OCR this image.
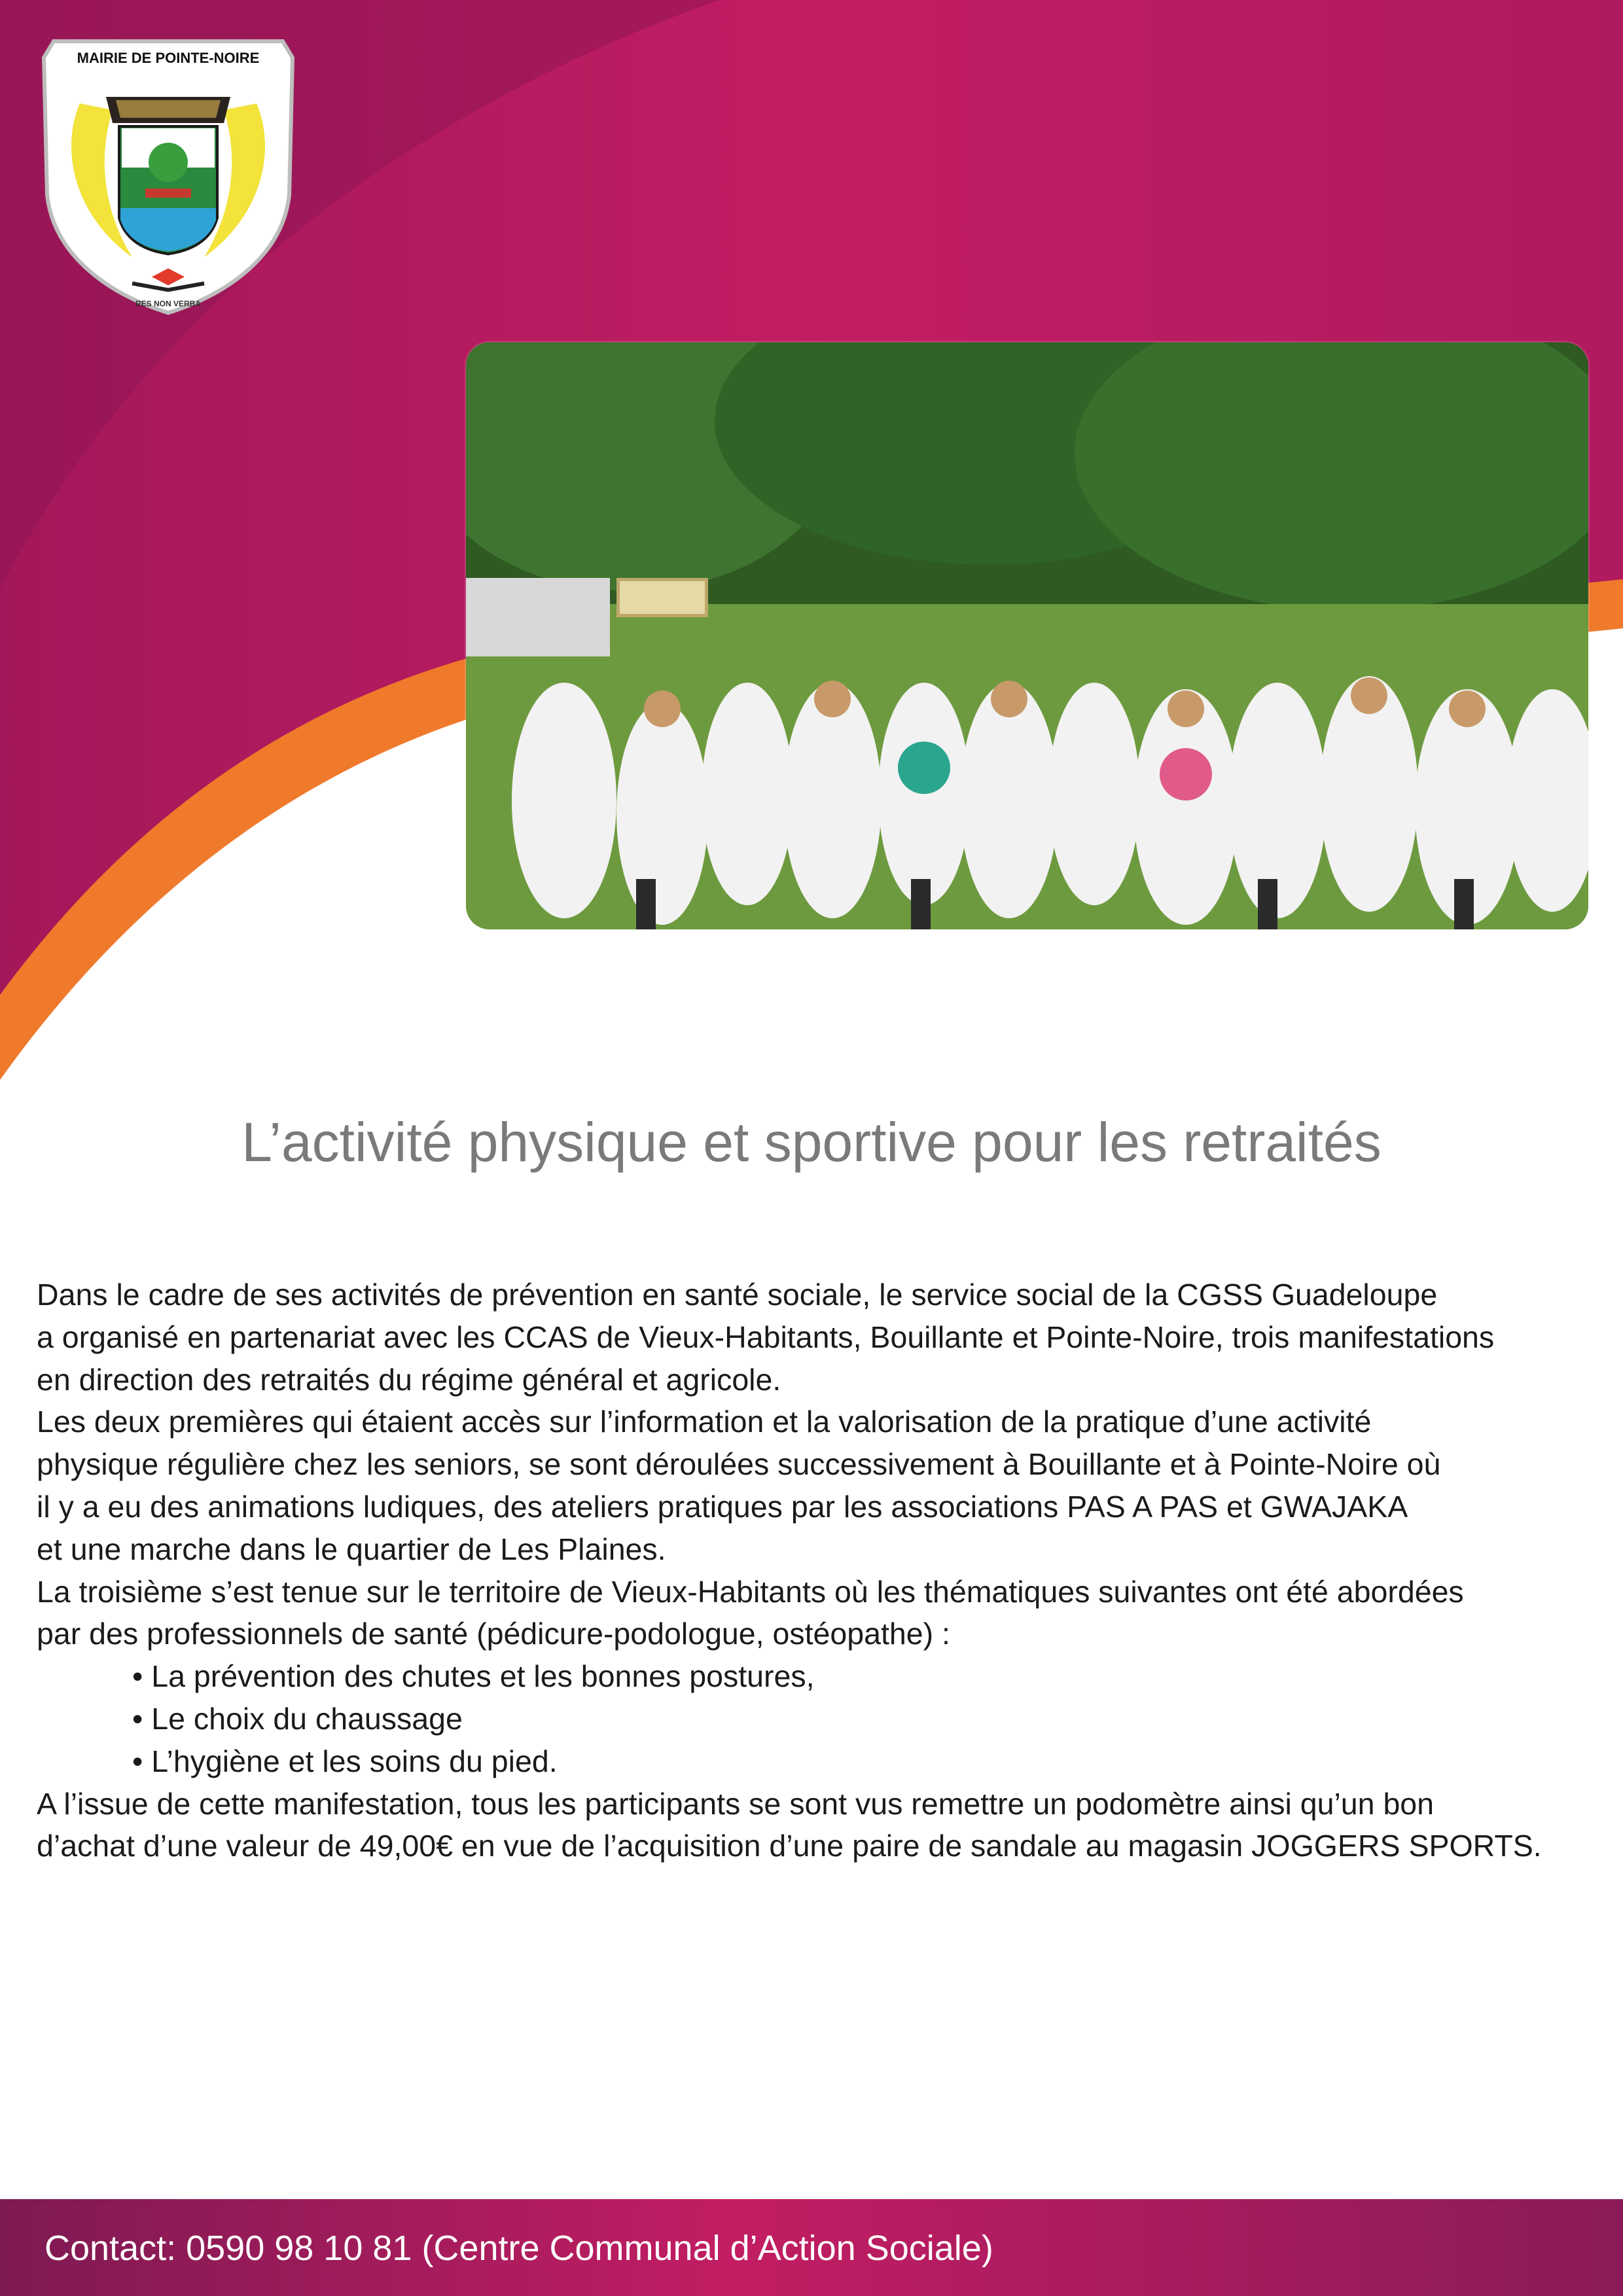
MAIRIE DE POINTE-NOIRE
RES NON VERBA
L’activité physique et sportive pour les retraités

Dans le cadre de ses activités de prévention en santé sociale, le service social de la CGSS Guadeloupe

a organisé en partenariat avec les CCAS de Vieux-Habitants, Bouillante et Pointe-Noire, trois manifestations

en direction des retraités du régime général et agricole.

Les deux premières qui étaient accès sur l’information et la valorisation de la pratique d’une activité

physique régulière chez les seniors, se sont déroulées successivement à Bouillante et à Pointe-Noire où

il y a eu des animations ludiques, des ateliers pratiques par les associations PAS A PAS et GWAJAKA

et une marche dans le quartier de Les Plaines.

La troisième s’est tenue sur le territoire de Vieux-Habitants où les thématiques suivantes ont été abordées

par des professionnels de santé (pédicure-podologue, ostéopathe) :

• La prévention des chutes et les bonnes postures,
• Le choix du chaussage
• L’hygiène et les soins du pied.

A l’issue de cette manifestation, tous les participants se sont vus remettre un podomètre ainsi qu’un bon

d’achat d’une valeur de 49,00€ en vue de l’acquisition d’une paire de sandale au magasin JOGGERS SPORTS.

Contact: 0590 98 10 81 (Centre Communal d’Action Sociale)
